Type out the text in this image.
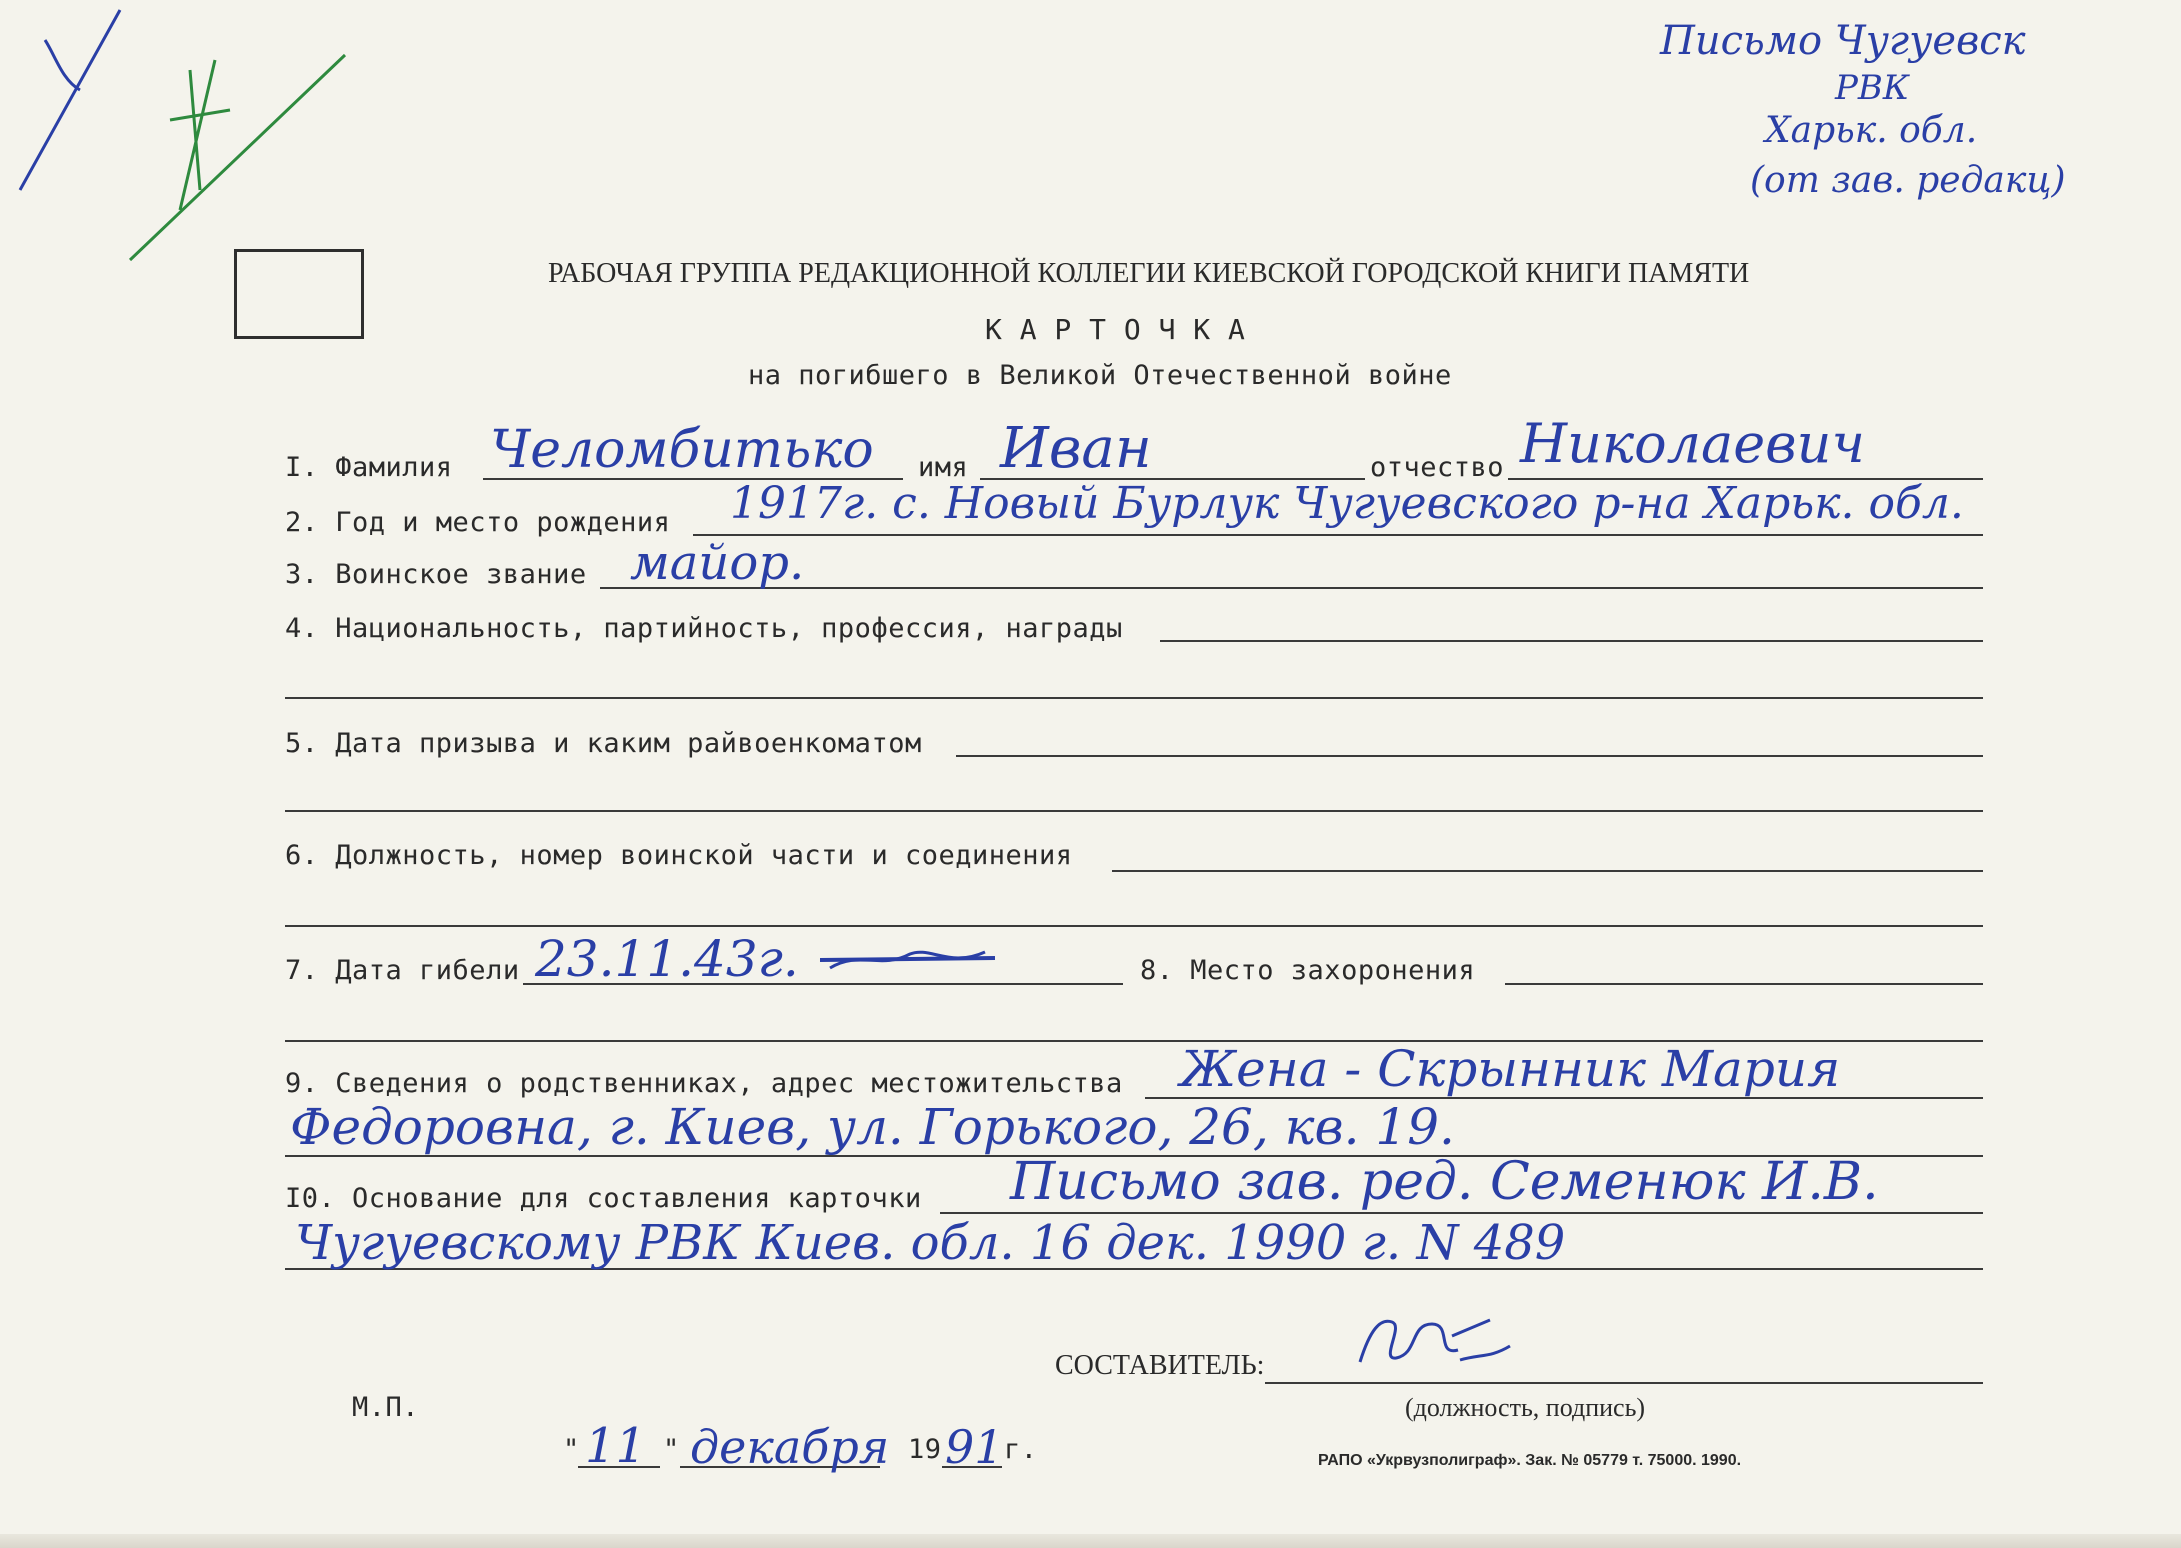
Письмо Чугуевск
РВК
Харьк. обл.
(от зав. редакц)
РАБОЧАЯ ГРУППА РЕДАКЦИОННОЙ КОЛЛЕГИИ КИЕВСКОЙ ГОРОДСКОЙ КНИГИ ПАМЯТИ
К А Р Т О Ч К А
на погибшего в Великой Отечественной войне
I. Фамилия Челомбитько имя Иван	отчество Николаевич
2. Год и место рождения 1917г. с. Новый Бурлук Чугуевского р-на Харьк. обл.
3. Воинское звание майор.
4. Национальность, партийность, профессия, награды
5. Дата призыва и каким райвоенкоматом
6. Должность, номер воинской части и соединения
7. Дата гибели 23.11.43г.	8. Место захоронения
9. Сведения о родственниках, адрес местожительства Жена - Скрынник Мария
Федоровна, г. Киев, ул. Горького, 26, кв. 19.
I0. Основание для составления карточки Письмо зав. ред. Семенюк И.В.
Чугуевскому РВК Киев. обл. 16 дек. 1990 г. N 489
СОСТАВИТЕЛЬ:
(должность, подпись)
М.П.
" 11 " декабря 19 91 г.	РАПО «Укрвузполиграф». Зак. № 05779 т. 75000. 1990.
